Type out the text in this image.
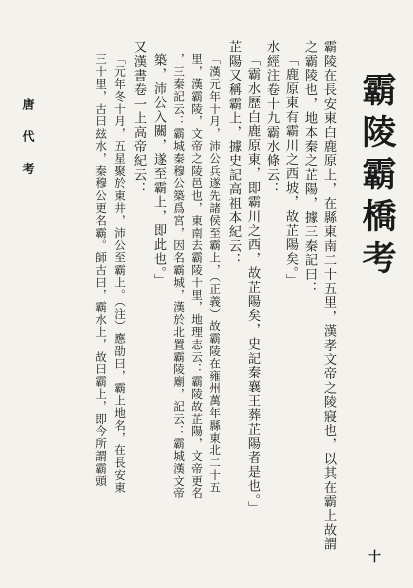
霸陵霸橋考
霸陵在長安東白鹿原上，在縣東南二十五里，漢孝文帝之陵寢也，以其在霸上故謂
之霸陵也，地本秦之芷陽，據三秦記曰：
「鹿原東有霸川之西坡，故芷陽矣。」
水經注卷十九霸水條云：
「霸水歷白鹿原東，即霸川之西，故芷陽矣，史記秦襄王葬芷陽者是也。」
芷陽又稱霸上，據史記高祖本紀云：
「漢元年十月，沛公兵遂先諸侯至霸上，（正義）故霸陵在雍州萬年縣東北二十五
里，漢霸陵，文帝之陵邑也，東南去霸陵十里，地理志云：霸陵故芷陽，文帝更名
，三秦記云：霸城秦穆公築爲宮，因名霸城，漢於北置霸陵廟，記云：霸城漢文帝
築，沛公入關，遂至霸上，即此也。」
又漢書卷一上高帝紀云：
「元年冬十月，五星聚於東井，沛公至霸上。（注）應劭曰，霸上地名，在長安東
三十里，古曰玆水，秦穆公更名霸。師古曰，霸水上，故曰霸上，即今所謂霸頭
唐 代 考
十
